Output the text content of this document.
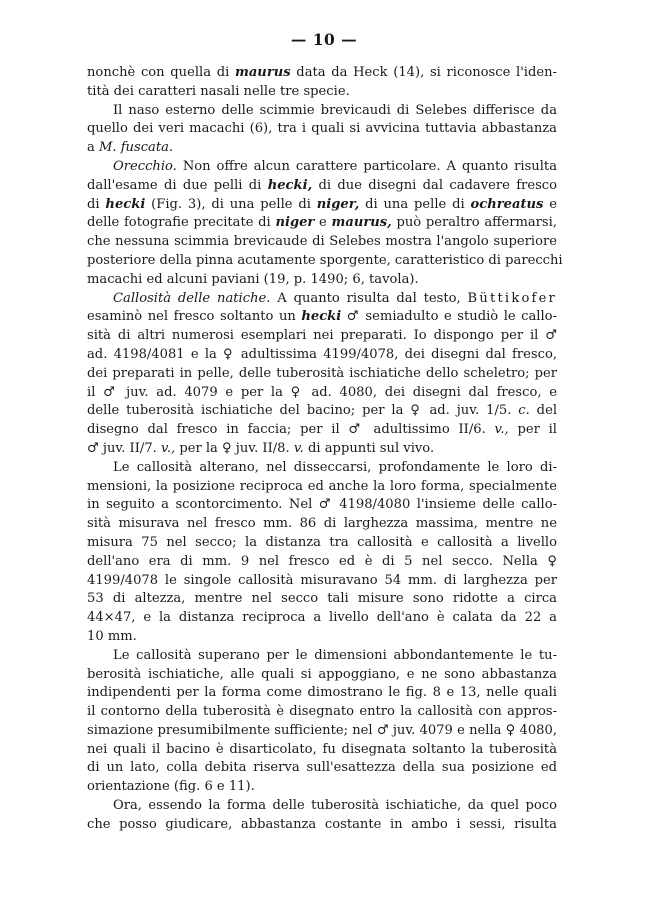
— 10 —
nonchè con quella di maurus data da Heck (14), si riconosce l'iden-
tità dei caratteri nasali nelle tre specie.
Il naso esterno delle scimmie brevicaudi di Selebes differisce da
quello dei veri macachi (6), tra i quali si avvicina tuttavia abbastanza
a M. fuscata.
Orecchio. Non offre alcun carattere particolare. A quanto risulta
dall'esame di due pelli di hecki, di due disegni dal cadavere fresco
di hecki (Fig. 3), di una pelle di niger, di una pelle di ochreatus e
delle fotografie precitate di niger e maurus, può peraltro affermarsi,
che nessuna scimmia brevicaude di Selebes mostra l'angolo superiore
posteriore della pinna acutamente sporgente, caratteristico di parecchi
macachi ed alcuni paviani (19, p. 1490; 6, tavola).
Callosità delle natiche. A quanto risulta dal testo, Büttikofer
esaminò nel fresco soltanto un hecki ♂ semiadulto e studiò le callo-
sità di altri numerosi esemplari nei preparati. Io dispongo per il ♂
ad. 4198/4081 e la ♀ adultissima 4199/4078, dei disegni dal fresco,
dei preparati in pelle, delle tuberosità ischiatiche dello scheletro; per
il ♂ juv. ad. 4079 e per la ♀ ad. 4080, dei disegni dal fresco, e
delle tuberosità ischiatiche del bacino; per la ♀ ad. juv. 1/5. c. del
disegno dal fresco in faccia; per il ♂ adultissimo II/6. v., per il
♂ juv. II/7. v., per la ♀ juv. II/8. v. di appunti sul vivo.
Le callosità alterano, nel disseccarsi, profondamente le loro di-
mensioni, la posizione reciproca ed anche la loro forma, specialmente
in seguito a scontorcimento. Nel ♂ 4198/4080 l'insieme delle callo-
sità misurava nel fresco mm. 86 di larghezza massima, mentre ne
misura 75 nel secco; la distanza tra callosità e callosità a livello
dell'ano era di mm. 9 nel fresco ed è di 5 nel secco. Nella ♀
4199/4078 le singole callosità misuravano 54 mm. di larghezza per
53 di altezza, mentre nel secco tali misure sono ridotte a circa
44×47, e la distanza reciproca a livello dell'ano è calata da 22 a
10 mm.
Le callosità superano per le dimensioni abbondantemente le tu-
berosità ischiatiche, alle quali si appoggiano, e ne sono abbastanza
indipendenti per la forma come dimostrano le fig. 8 e 13, nelle quali
il contorno della tuberosità è disegnato entro la callosità con appros-
simazione presumibilmente sufficiente; nel ♂ juv. 4079 e nella ♀ 4080,
nei quali il bacino è disarticolato, fu disegnata soltanto la tuberosità
di un lato, colla debita riserva sull'esattezza della sua posizione ed
orientazione (fig. 6 e 11).
Ora, essendo la forma delle tuberosità ischiatiche, da quel poco
che posso giudicare, abbastanza costante in ambo i sessi, risulta
